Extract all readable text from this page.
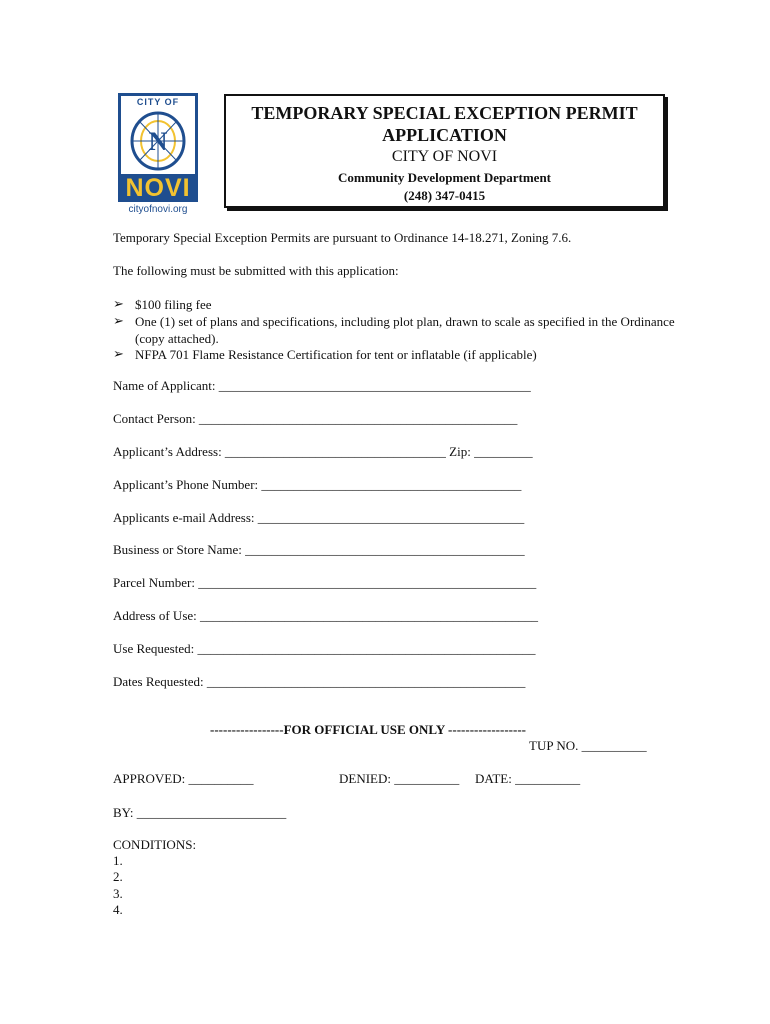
CITY OF
N
NOVI
cityofnovi.org
TEMPORARY SPECIAL EXCEPTION PERMIT
APPLICATION
CITY OF NOVI
Community Development Department
(248) 347-0415
Temporary Special Exception Permits are pursuant to Ordinance 14-18.271, Zoning 7.6.
The following must be submitted with this application:
➢ $100 filing fee
➢ One (1) set of plans and specifications, including plot plan, drawn to scale as specified in the Ordinance (copy attached).
➢ NFPA 701 Flame Resistance Certification for tent or inflatable (if applicable)
Name of Applicant: ________________________________________________
Contact Person: _________________________________________________
Applicant’s Address: __________________________________ Zip: _________
Applicant’s Phone Number: ________________________________________
Applicants e-mail Address: _________________________________________
Business or Store Name: ___________________________________________
Parcel Number: ____________________________________________________
Address of Use: ____________________________________________________
Use Requested: ____________________________________________________
Dates Requested: _________________________________________________
-----------------FOR OFFICIAL USE ONLY ------------------
TUP NO. __________
APPROVED: __________	DENIED: __________ DATE: __________
BY: _______________________
CONDITIONS:
1.
2.
3.
4.
